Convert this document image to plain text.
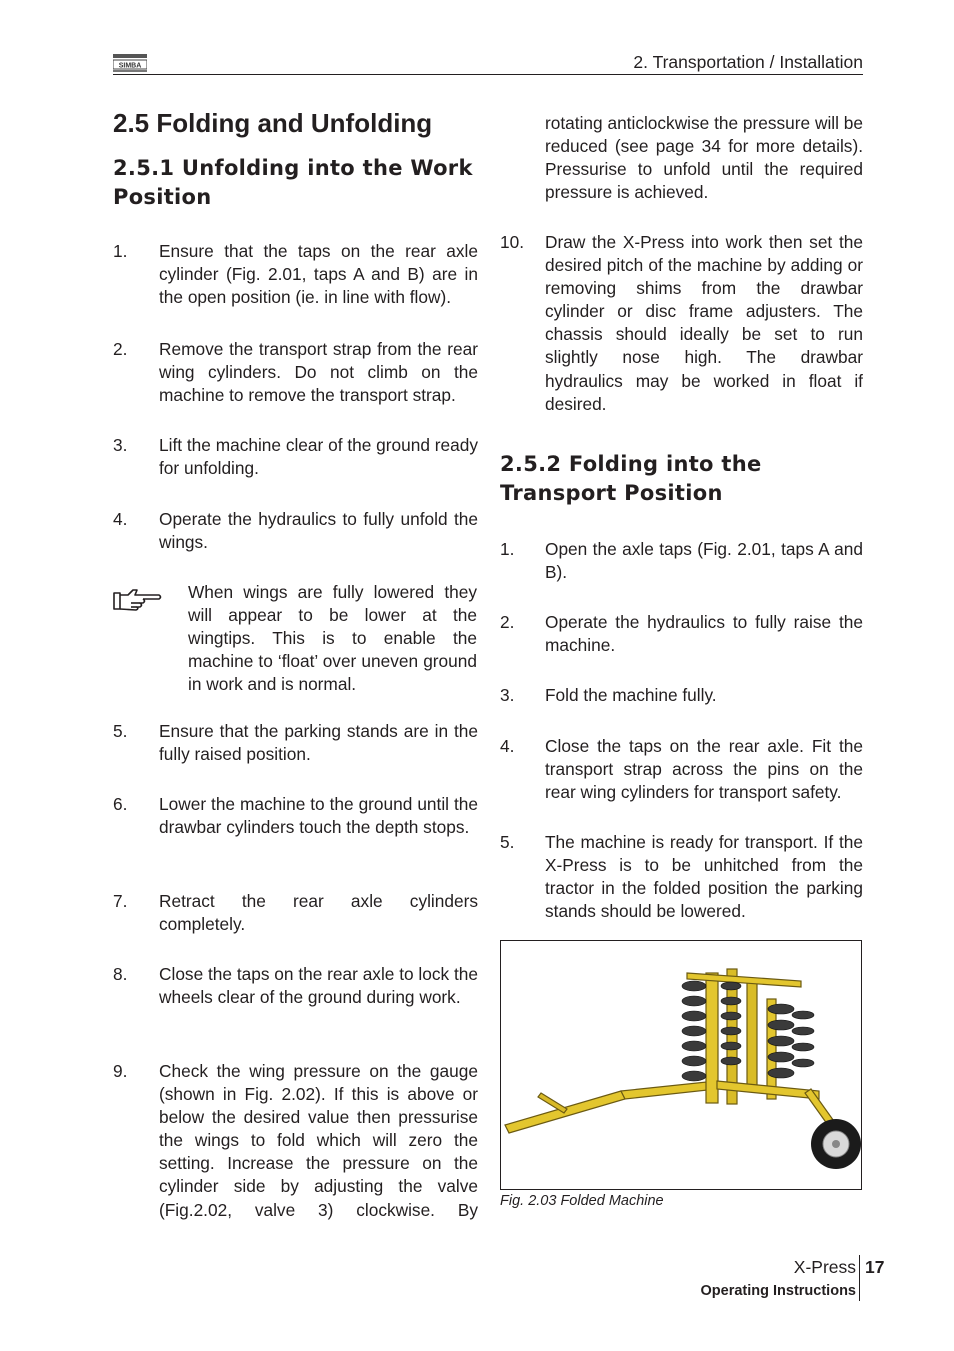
SIMBA	2. Transportation / Installation
2.5 Folding and Unfolding
2.5.1 Unfolding into the Work Position
1. Ensure that the taps on the rear axle cylinder (Fig. 2.01, taps A and B) are in the open position (ie. in line with flow).
2. Remove the transport strap from the rear wing cylinders. Do not climb on the machine to remove the transport strap.
3. Lift the machine clear of the ground ready for unfolding.
4. Operate the hydraulics to fully unfold the wings.
When wings are fully lowered they will appear to be lower at the wingtips. This is to enable the machine to ‘float’ over uneven ground in work and is normal.
5. Ensure that the parking stands are in the fully raised position.
6. Lower the machine to the ground until the drawbar cylinders touch the depth stops.
7. Retract the rear axle cylinders completely.
8. Close the taps on the rear axle to lock the wheels clear of the ground during work.
9. Check the wing pressure on the gauge (shown in Fig. 2.02). If this is above or below the desired value then pressurise the wings to fold which will zero the setting. Increase the pressure on the cylinder side by adjusting the valve (Fig.2.02, valve 3) clockwise. By
rotating anticlockwise the pressure will be reduced (see page 34 for more details). Pressurise to unfold until the required pressure is achieved.
10. Draw the X-Press into work then set the desired pitch of the machine by adding or removing shims from the drawbar cylinder or disc frame adjusters. The chassis should ideally be set to run slightly nose high. The drawbar hydraulics may be worked in float if desired.
2.5.2 Folding into the Transport Position
1. Open the axle taps (Fig. 2.01, taps A and B).
2. Operate the hydraulics to fully raise the machine.
3. Fold the machine fully.
4. Close the taps on the rear axle. Fit the transport strap across the pins on the rear wing cylinders for transport safety.
5. The machine is ready for transport. If the X-Press is to be unhitched from the tractor in the folded position the parking stands should be lowered.
Fig. 2.03 Folded Machine
X-Press
Operating Instructions
17
